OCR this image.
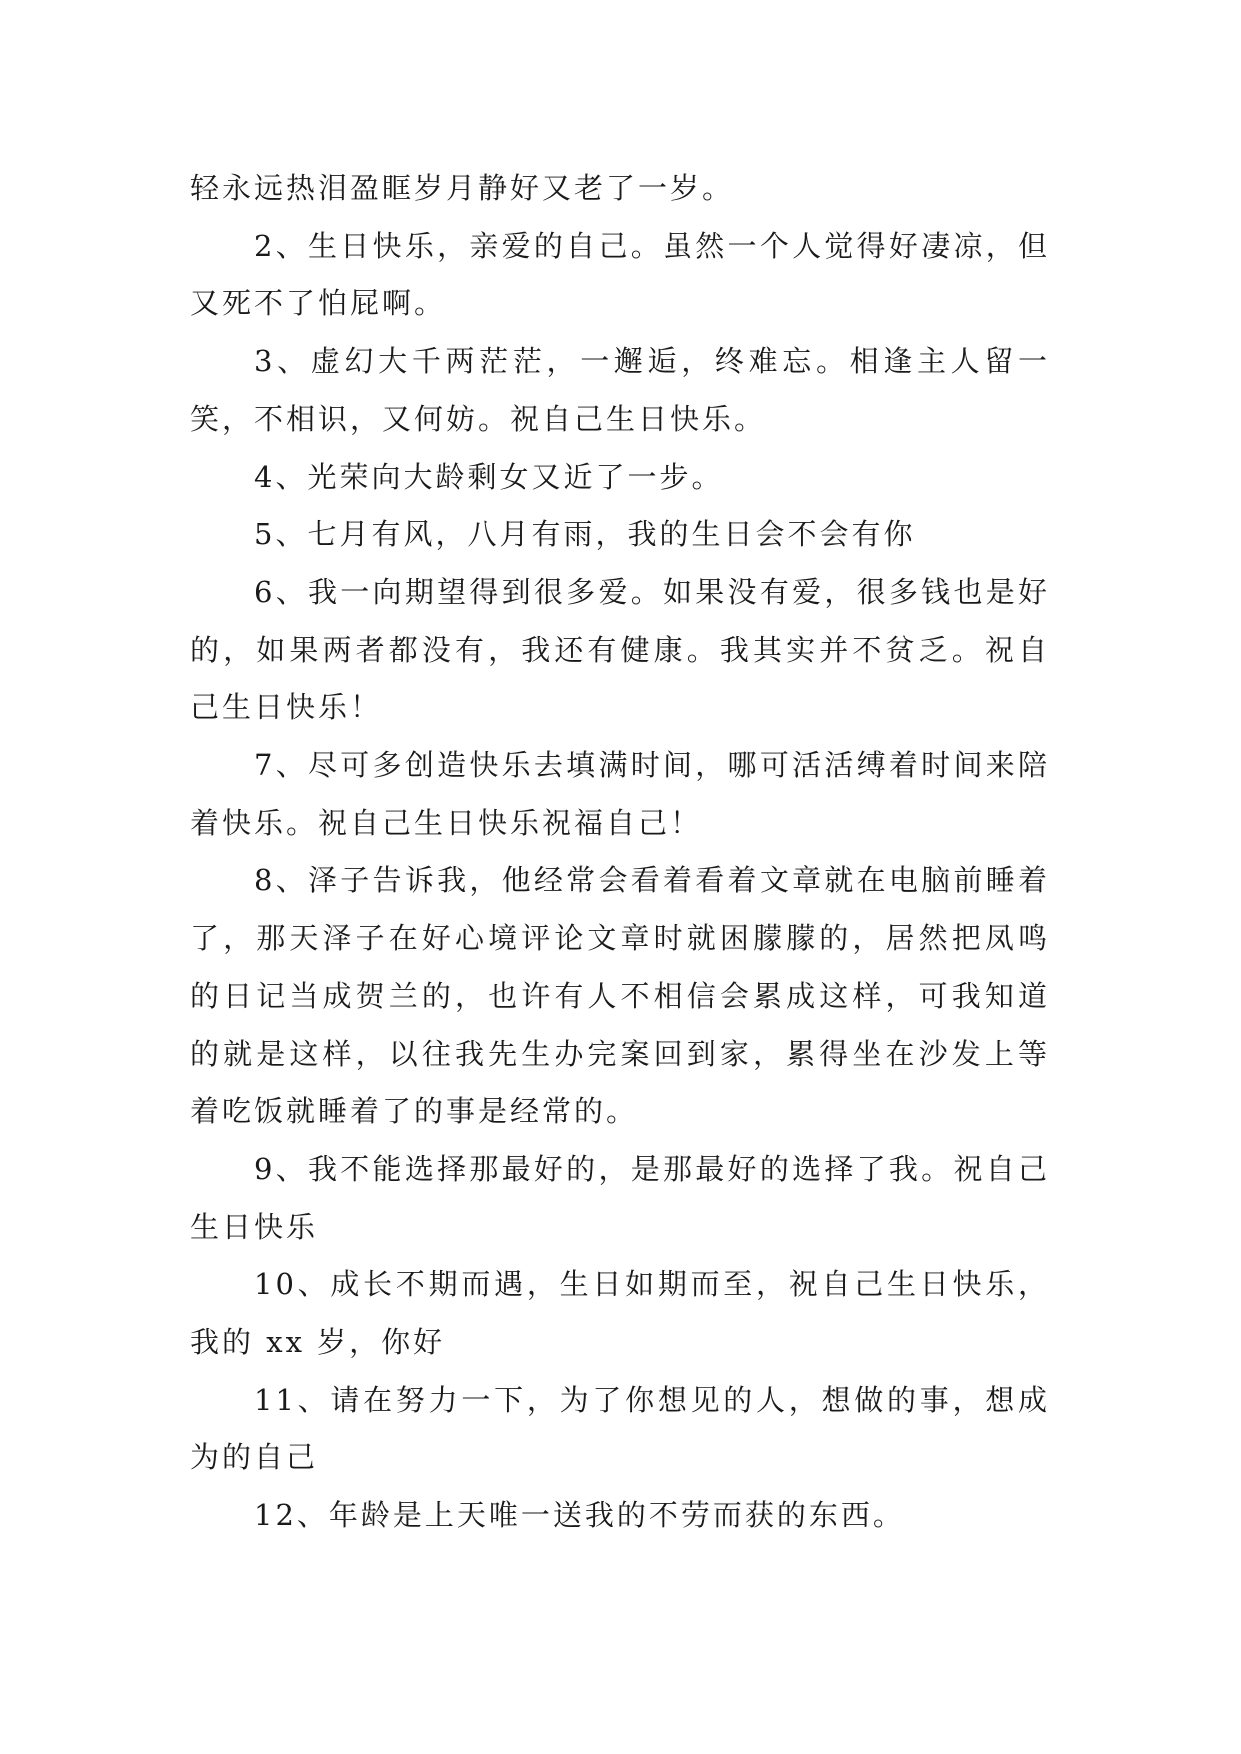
轻永远热泪盈眶岁月静好又老了一岁。

2、生日快乐，亲爱的自己。虽然一个人觉得好凄凉，但又死不了怕屁啊。

3、虚幻大千两茫茫，一邂逅，终难忘。相逢主人留一笑，不相识，又何妨。祝自己生日快乐。

4、光荣向大龄剩女又近了一步。

5、七月有风，八月有雨，我的生日会不会有你

6、我一向期望得到很多爱。如果没有爱，很多钱也是好的，如果两者都没有，我还有健康。我其实并不贫乏。祝自己生日快乐！

7、尽可多创造快乐去填满时间，哪可活活缚着时间来陪着快乐。祝自己生日快乐祝福自己！

8、泽子告诉我，他经常会看着看着文章就在电脑前睡着了，那天泽子在好心境评论文章时就困朦朦的，居然把凤鸣的日记当成贺兰的，也许有人不相信会累成这样，可我知道的就是这样，以往我先生办完案回到家，累得坐在沙发上等着吃饭就睡着了的事是经常的。

9、我不能选择那最好的，是那最好的选择了我。祝自己生日快乐

10、成长不期而遇，生日如期而至，祝自己生日快乐，我的 xx 岁，你好

11、请在努力一下，为了你想见的人，想做的事，想成为的自己

12、年龄是上天唯一送我的不劳而获的东西。
